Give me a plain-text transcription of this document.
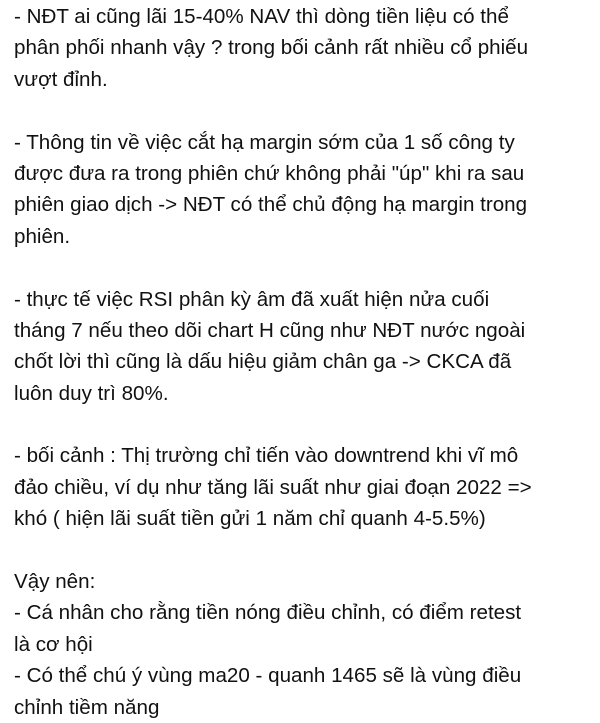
- NĐT ai cũng lãi 15-40% NAV thì dòng tiền liệu có thể
phân phối nhanh vậy ? trong bối cảnh rất nhiều cổ phiếu
vượt đỉnh.
- Thông tin về việc cắt hạ margin sớm của 1 số công ty
được đưa ra trong phiên chứ không phải "úp" khi ra sau
phiên giao dịch -> NĐT có thể chủ động hạ margin trong
phiên.
- thực tế việc RSI phân kỳ âm đã xuất hiện nửa cuối
tháng 7 nếu theo dõi chart H cũng như NĐT nước ngoài
chốt lời thì cũng là dấu hiệu giảm chân ga -> CKCA đã
luôn duy trì 80%.
- bối cảnh : Thị trường chỉ tiến vào downtrend khi vĩ mô
đảo chiều, ví dụ như tăng lãi suất như giai đoạn 2022 =>
khó ( hiện lãi suất tiền gửi 1 năm chỉ quanh 4-5.5%)
Vậy nên:
- Cá nhân cho rằng tiền nóng điều chỉnh, có điểm retest
là cơ hội
- Có thể chú ý vùng ma20 - quanh 1465 sẽ là vùng điều
chỉnh tiềm năng
